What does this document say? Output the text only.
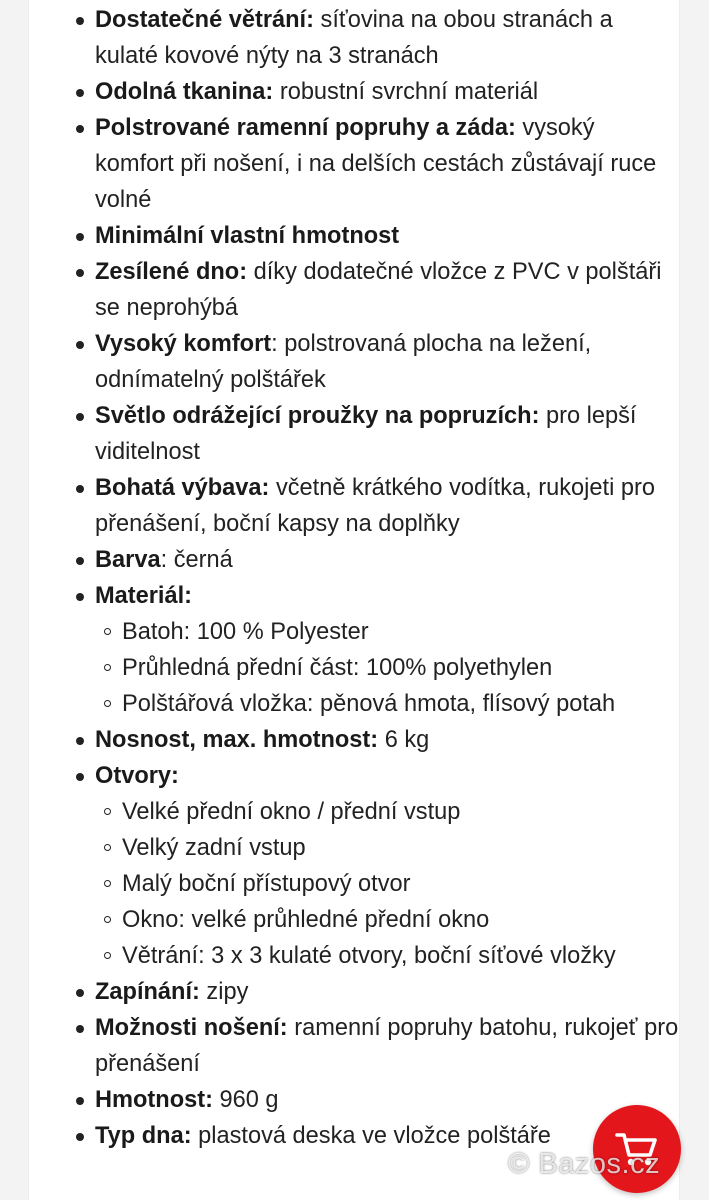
Dostatečné větrání: síťovina na obou stranách a kulaté kovové nýty na 3 stranách
Odolná tkanina: robustní svrchní materiál
Polstrované ramenní popruhy a záda: vysoký komfort při nošení, i na delších cestách zůstávají ruce volné
Minimální vlastní hmotnost
Zesílené dno: díky dodatečné vložce z PVC v polštáři se neprohýbá
Vysoký komfort: polstrovaná plocha na ležení, odnímatelný polštářek
Světlo odrážející proužky na popruzích: pro lepší viditelnost
Bohatá výbava: včetně krátkého vodítka, rukojeti pro přenášení, boční kapsy na doplňky
Barva: černá
Materiál:
Batoh: 100 % Polyester
Průhledná přední část: 100% polyethylen
Polštářová vložka: pěnová hmota, flísový potah
Nosnost, max. hmotnost: 6 kg
Otvory:
Velké přední okno / přední vstup
Velký zadní vstup
Malý boční přístupový otvor
Okno: velké průhledné přední okno
Větrání: 3 x 3 kulaté otvory, boční síťové vložky
Zapínání: zipy
Možnosti nošení: ramenní popruhy batohu, rukojeť pro přenášení
Hmotnost: 960 g
Typ dna: plastová deska ve vložce polštáře
© Bazos.cz
